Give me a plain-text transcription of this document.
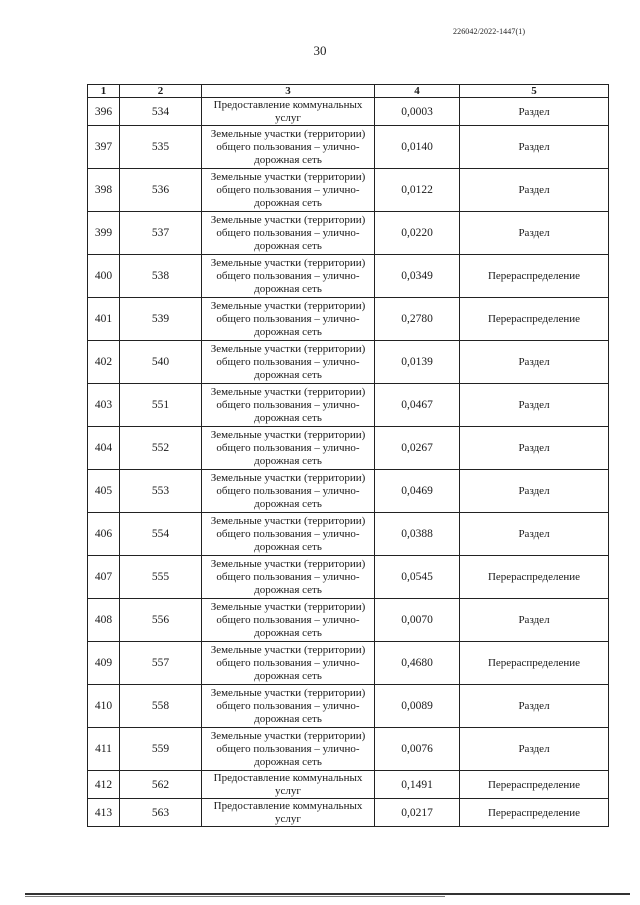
226042/2022-1447(1)
30
1	2	3	4	5
396	534	Предоставление коммунальных услуг	0,0003	Раздел
397	535	Земельные участки (территории) общего пользования – улично-дорожная сеть	0,0140	Раздел
398	536	Земельные участки (территории) общего пользования – улично-дорожная сеть	0,0122	Раздел
399	537	Земельные участки (территории) общего пользования – улично-дорожная сеть	0,0220	Раздел
400	538	Земельные участки (территории) общего пользования – улично-дорожная сеть	0,0349	Перераспределение
401	539	Земельные участки (территории) общего пользования – улично-дорожная сеть	0,2780	Перераспределение
402	540	Земельные участки (территории) общего пользования – улично-дорожная сеть	0,0139	Раздел
403	551	Земельные участки (территории) общего пользования – улично-дорожная сеть	0,0467	Раздел
404	552	Земельные участки (территории) общего пользования – улично-дорожная сеть	0,0267	Раздел
405	553	Земельные участки (территории) общего пользования – улично-дорожная сеть	0,0469	Раздел
406	554	Земельные участки (территории) общего пользования – улично-дорожная сеть	0,0388	Раздел
407	555	Земельные участки (территории) общего пользования – улично-дорожная сеть	0,0545	Перераспределение
408	556	Земельные участки (территории) общего пользования – улично-дорожная сеть	0,0070	Раздел
409	557	Земельные участки (территории) общего пользования – улично-дорожная сеть	0,4680	Перераспределение
410	558	Земельные участки (территории) общего пользования – улично-дорожная сеть	0,0089	Раздел
411	559	Земельные участки (территории) общего пользования – улично-дорожная сеть	0,0076	Раздел
412	562	Предоставление коммунальных услуг	0,1491	Перераспределение
413	563	Предоставление коммунальных услуг	0,0217	Перераспределение
